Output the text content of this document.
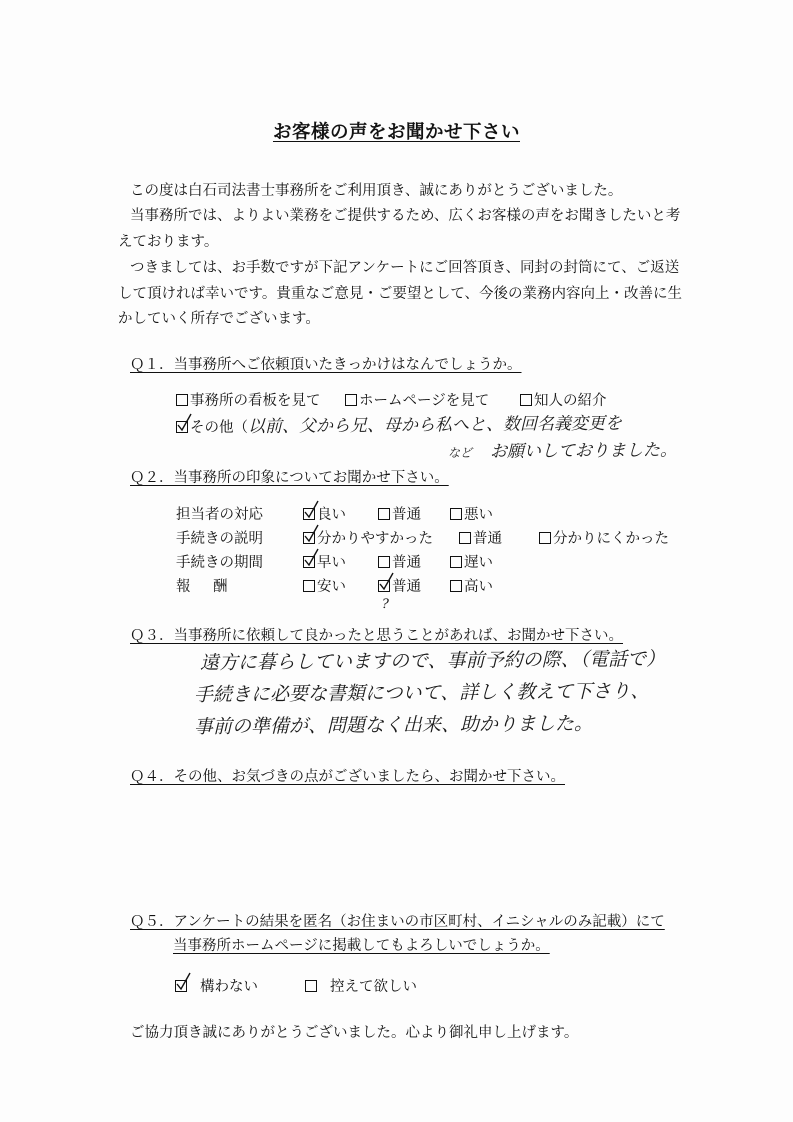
お客様の声をお聞かせ下さい
この度は白石司法書士事務所をご利用頂き、誠にありがとうございました。
当事務所では、よりよい業務をご提供するため、広くお客様の声をお聞きしたいと考
えております。
つきましては、お手数ですが下記アンケートにご回答頂き、同封の封筒にて、ご返送
して頂ければ幸いです。貴重なご意見・ご要望として、今後の業務内容向上・改善に生
かしていく所存でございます。
Ｑ１．当事務所へご依頼頂いたきっかけはなんでしょうか。
事務所の看板を見て	ホームページを見て	知人の紹介
その他（ 以前、父から兄、母から私へと、数回名義変更を
など お願いしておりました。
Ｑ２．当事務所の印象についてお聞かせ下さい。
担当者の対応	良い	普通	悪い
手続きの説明	分かりやすかった	普通	分かりにくかった
手続きの期間	早い	普通	遅い
報　酬	安い	普通	高い
?
Ｑ３．当事務所に依頼して良かったと思うことがあれば、お聞かせ下さい。
遠方に暮らしていますので、事前予約の際、（電話で）
手続きに必要な書類について、詳しく教えて下さり、
事前の準備が、問題なく出来、助かりました。
Ｑ４．その他、お気づきの点がございましたら、お聞かせ下さい。
Ｑ５．アンケートの結果を匿名（お住まいの市区町村、イニシャルのみ記載）にて
当事務所ホームページに掲載してもよろしいでしょうか。
構わない	控えて欲しい
ご協力頂き誠にありがとうございました。心より御礼申し上げます。
